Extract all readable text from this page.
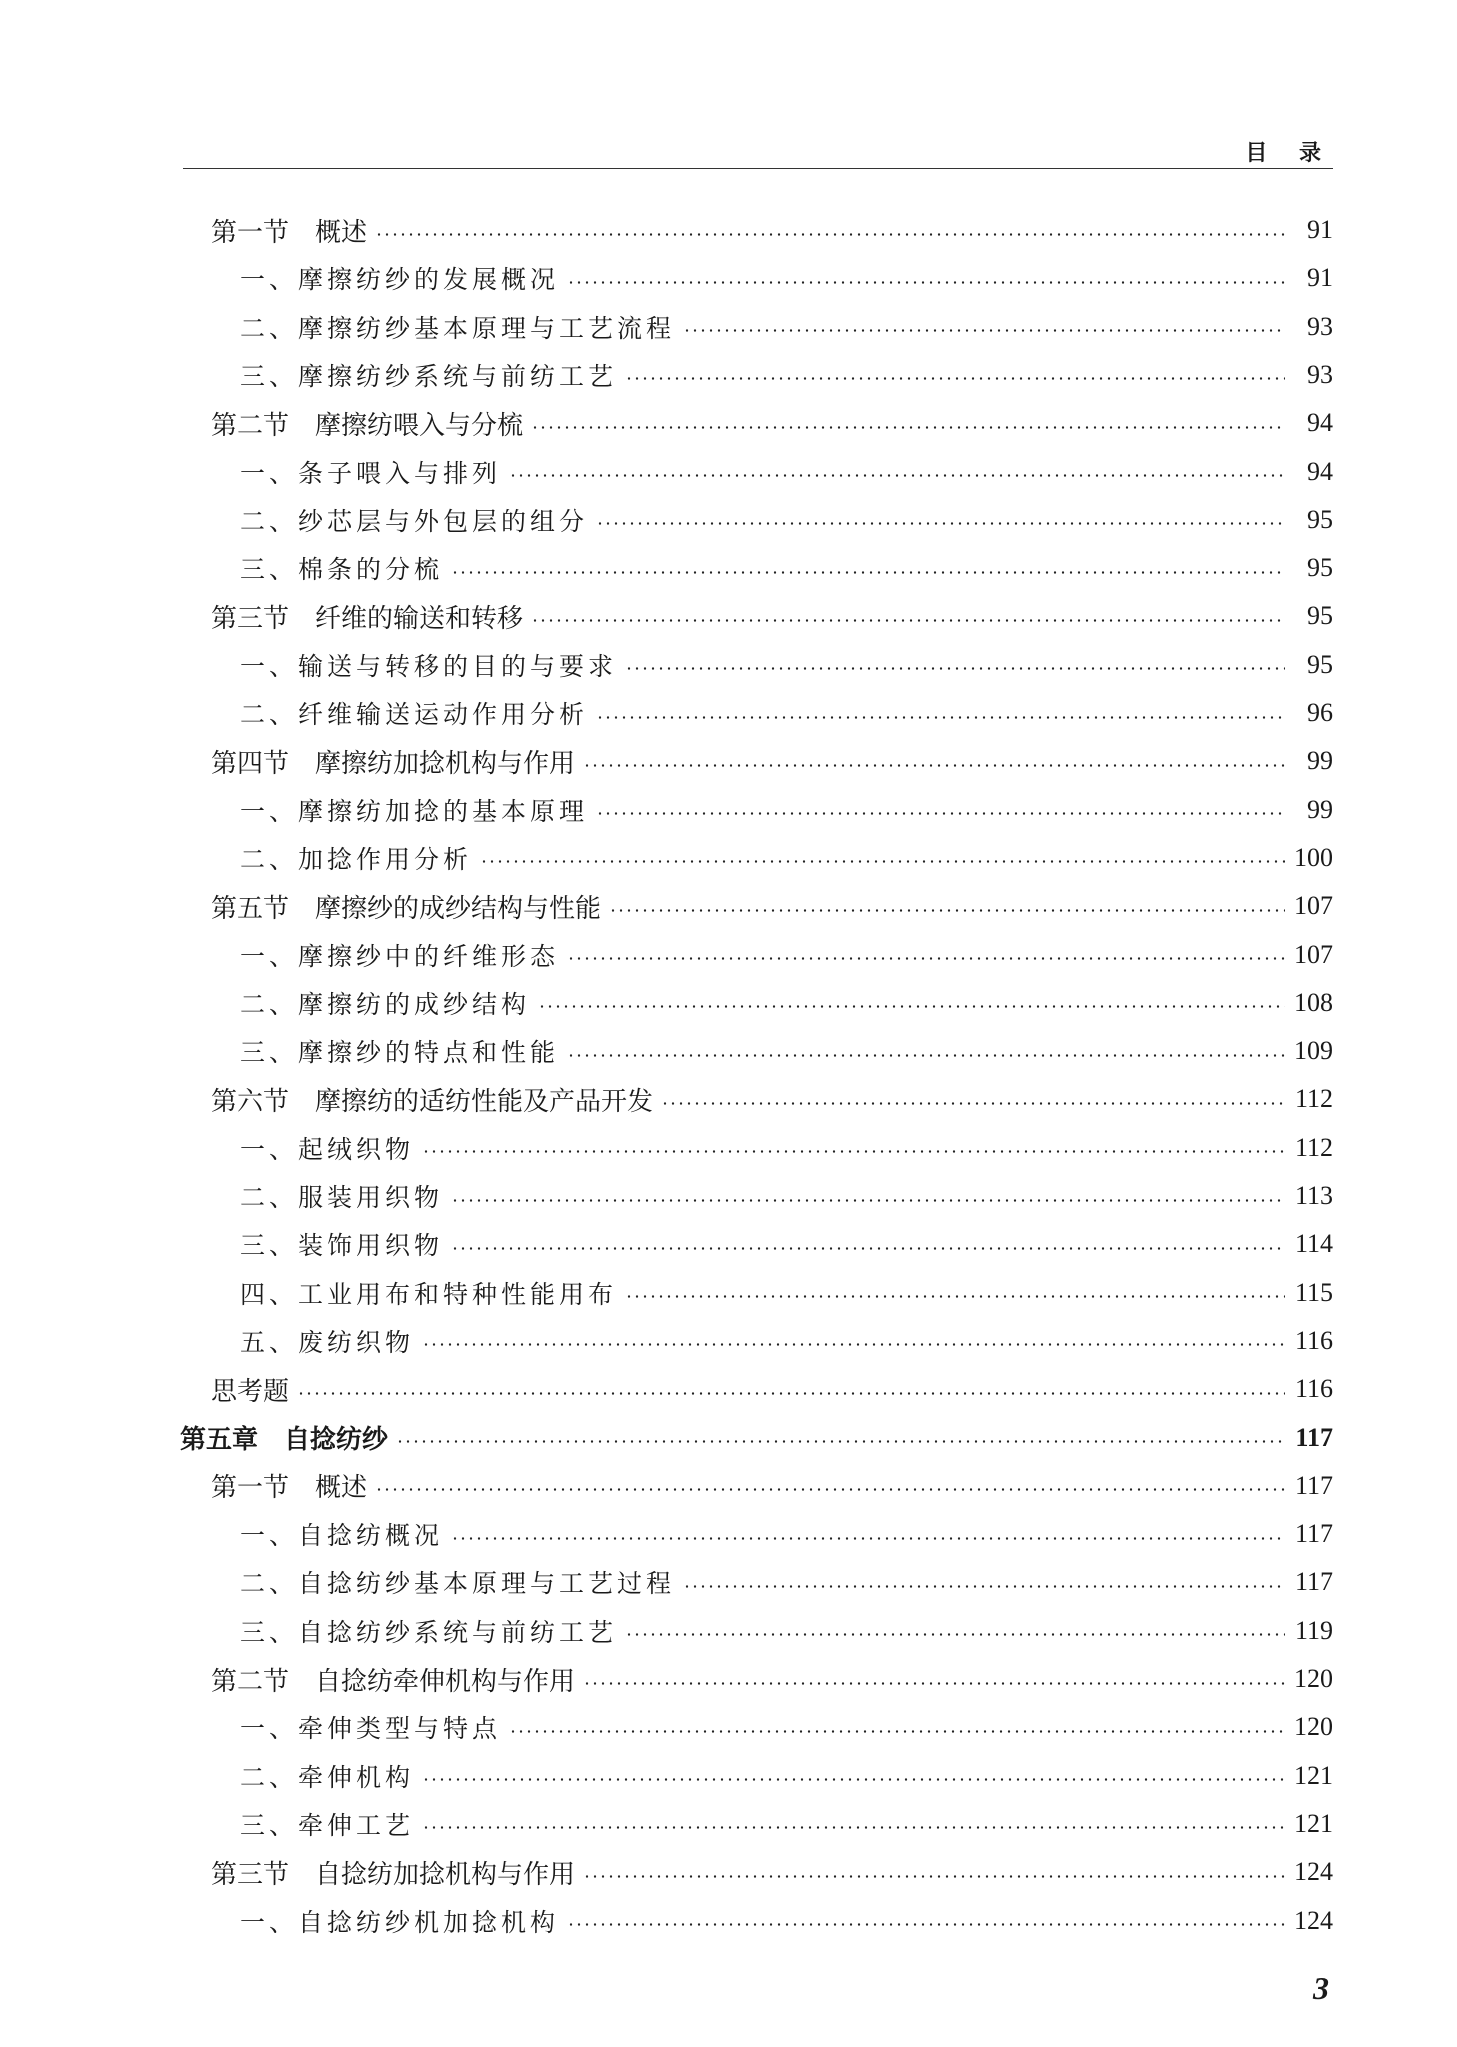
目 录
第一节　概述	91
一、摩擦纺纱的发展概况	91
二、摩擦纺纱基本原理与工艺流程	93
三、摩擦纺纱系统与前纺工艺	93
第二节　摩擦纺喂入与分梳	94
一、条子喂入与排列	94
二、纱芯层与外包层的组分	95
三、棉条的分梳	95
第三节　纤维的输送和转移	95
一、输送与转移的目的与要求	95
二、纤维输送运动作用分析	96
第四节　摩擦纺加捻机构与作用	99
一、摩擦纺加捻的基本原理	99
二、加捻作用分析	100
第五节　摩擦纱的成纱结构与性能	107
一、摩擦纱中的纤维形态	107
二、摩擦纺的成纱结构	108
三、摩擦纱的特点和性能	109
第六节　摩擦纺的适纺性能及产品开发	112
一、起绒织物	112
二、服装用织物	113
三、装饰用织物	114
四、工业用布和特种性能用布	115
五、废纺织物	116
思考题	116
第五章　自捻纺纱	117
第一节　概述	117
一、自捻纺概况	117
二、自捻纺纱基本原理与工艺过程	117
三、自捻纺纱系统与前纺工艺	119
第二节　自捻纺牵伸机构与作用	120
一、牵伸类型与特点	120
二、牵伸机构	121
三、牵伸工艺	121
第三节　自捻纺加捻机构与作用	124
一、自捻纺纱机加捻机构	124
3
